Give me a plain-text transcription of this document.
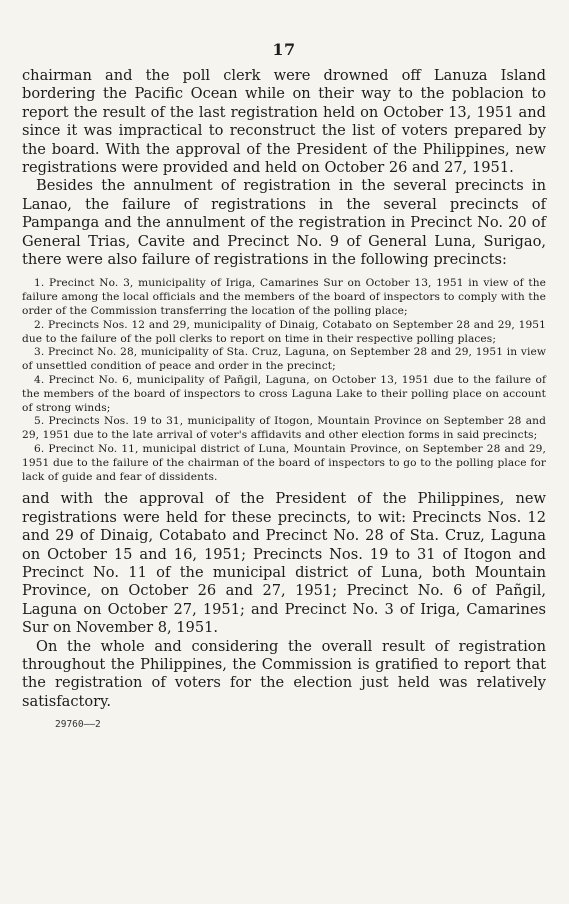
17

chairman and the poll clerk were drowned off Lanuza Island bordering the Pacific Ocean while on their way to the poblacion to report the result of the last registration held on October 13, 1951 and since it was impractical to reconstruct the list of voters prepared by the board. With the approval of the President of the Philippines, new registrations were provided and held on October 26 and 27, 1951.

Besides the annulment of registration in the several precincts in Lanao, the failure of registrations in the several precincts of Pampanga and the annulment of the registration in Precinct No. 20 of General Trias, Cavite and Precinct No. 9 of General Luna, Surigao, there were also failure of registrations in the following precincts:

1. Precinct No. 3, municipality of Iriga, Camarines Sur on October 13, 1951 in view of the failure among the local officials and the members of the board of inspectors to comply with the order of the Commission transferring the location of the polling place;

2. Precincts Nos. 12 and 29, municipality of Dinaig, Cotabato on September 28 and 29, 1951 due to the failure of the poll clerks to report on time in their respective polling places;

3. Precinct No. 28, municipality of Sta. Cruz, Laguna, on September 28 and 29, 1951 in view of unsettled condition of peace and order in the precinct;

4. Precinct No. 6, municipality of Pañgil, Laguna, on October 13, 1951 due to the failure of the members of the board of inspectors to cross Laguna Lake to their polling place on account of strong winds;

5. Precincts Nos. 19 to 31, municipality of Itogon, Mountain Province on September 28 and 29, 1951 due to the late arrival of voter's affidavits and other election forms in said precincts;

6. Precinct No. 11, municipal district of Luna, Mountain Province, on September 28 and 29, 1951 due to the failure of the chairman of the board of inspectors to go to the polling place for lack of guide and fear of dissidents.

and with the approval of the President of the Philippines, new registrations were held for these precincts, to wit: Precincts Nos. 12 and 29 of Dinaig, Cotabato and Precinct No. 28 of Sta. Cruz, Laguna on October 15 and 16, 1951; Precincts Nos. 19 to 31 of Itogon and Precinct No. 11 of the municipal district of Luna, both Mountain Province, on October 26 and 27, 1951; Precinct No. 6 of Pañgil, Laguna on October 27, 1951; and Precinct No. 3 of Iriga, Camarines Sur on November 8, 1951.

On the whole and considering the overall result of registration throughout the Philippines, the Commission is gratified to report that the registration of voters for the election just held was relatively satisfactory.

29760——2
